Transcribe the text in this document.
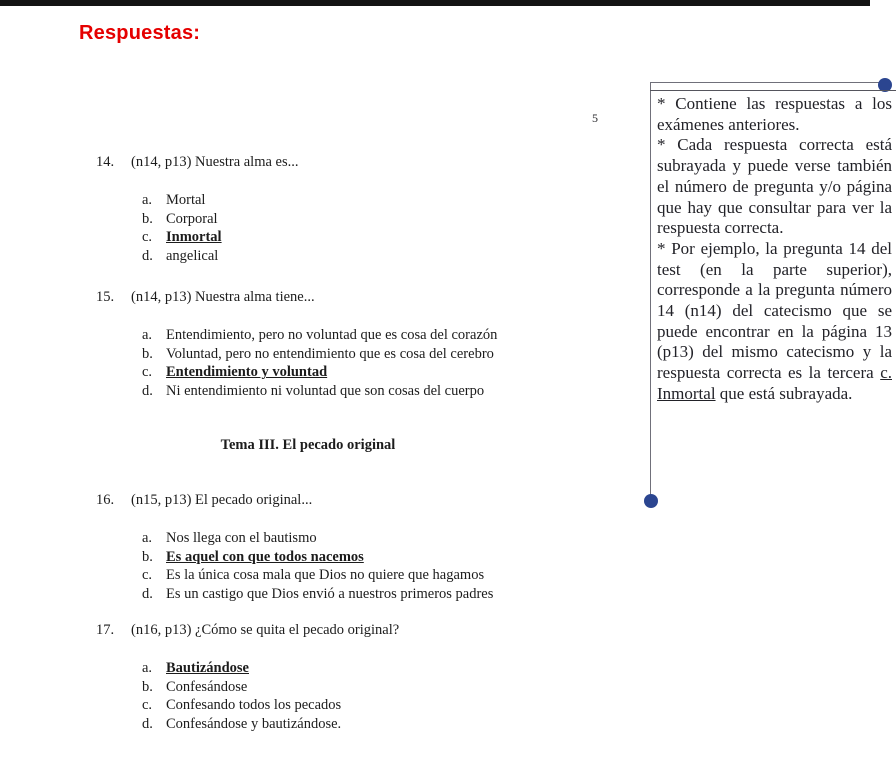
Respuestas:
5
14.	(n14, p13) Nuestra alma es...
a. Mortal
b. Corporal
c. Inmortal
d. angelical
15.	(n14, p13) Nuestra alma tiene...
a. Entendimiento, pero no voluntad que es cosa del corazón
b. Voluntad, pero no entendimiento que es cosa del cerebro
c. Entendimiento y voluntad
d. Ni entendimiento ni voluntad que son cosas del cuerpo
Tema III. El pecado original
16.	(n15, p13) El pecado original...
a. Nos llega con el bautismo
b. Es aquel con que todos nacemos
c. Es la única cosa mala que Dios no quiere que hagamos
d. Es un castigo que Dios envió a nuestros primeros padres
17.	(n16, p13) ¿Cómo se quita el pecado original?
a. Bautizándose
b. Confesándose
c. Confesando todos los pecados
d. Confesándose y bautizándose.

* Contiene las respuestas a los exámenes anteriores.

* Cada respuesta correcta está subrayada y puede verse también el número de pregunta y/o página que hay que consultar para ver la respuesta correcta.

* Por ejemplo, la pregunta 14 del test (en la parte superior), corresponde a la pregunta número 14 (n14) del catecismo que se puede encontrar en la página 13 (p13) del mismo catecismo y la respuesta correcta es la tercera c. Inmortal que está subrayada.
